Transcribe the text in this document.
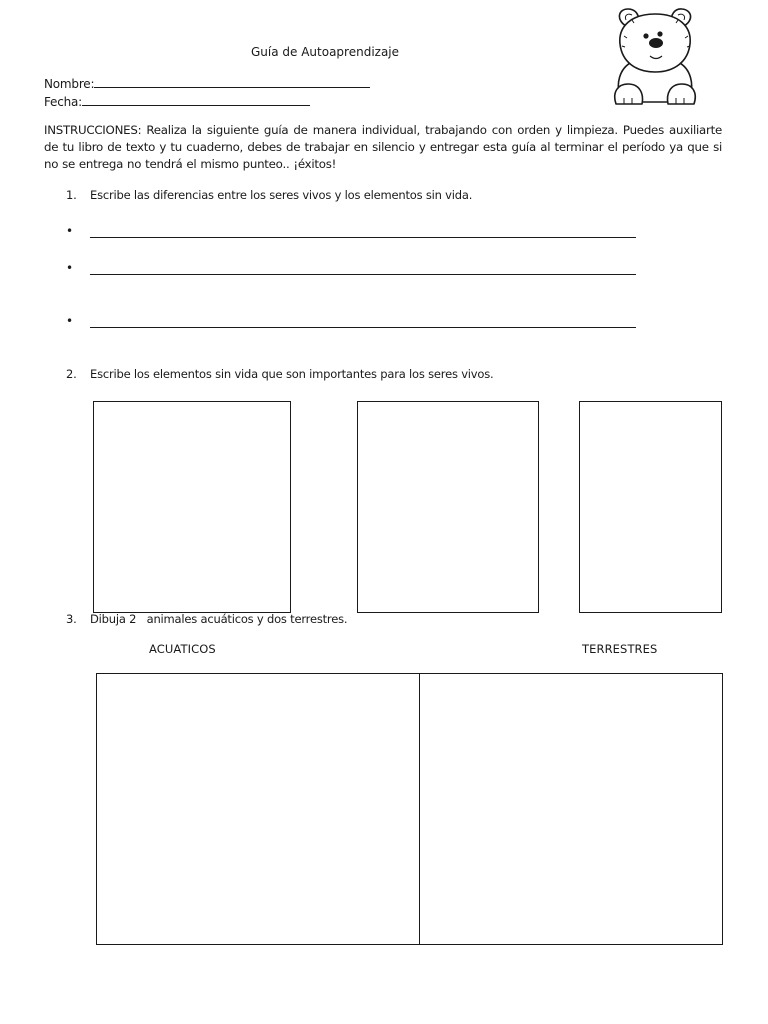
Guía de Autoaprendizaje
Nombre:
Fecha:
INSTRUCCIONES: Realiza la siguiente guía de manera individual, trabajando con orden y limpieza. Puedes auxiliarte de tu libro de texto y tu cuaderno, debes de trabajar en silencio y entregar esta guía al terminar el período ya que si no se entrega no tendrá el mismo punteo.. ¡éxitos!
1. Escribe las diferencias entre los seres vivos y los elementos sin vida.
•
•
•
2. Escribe los elementos sin vida que son importantes para los seres vivos.
3. Dibuja 2   animales acuáticos y dos terrestres.
ACUATICOS	TERRESTRES
